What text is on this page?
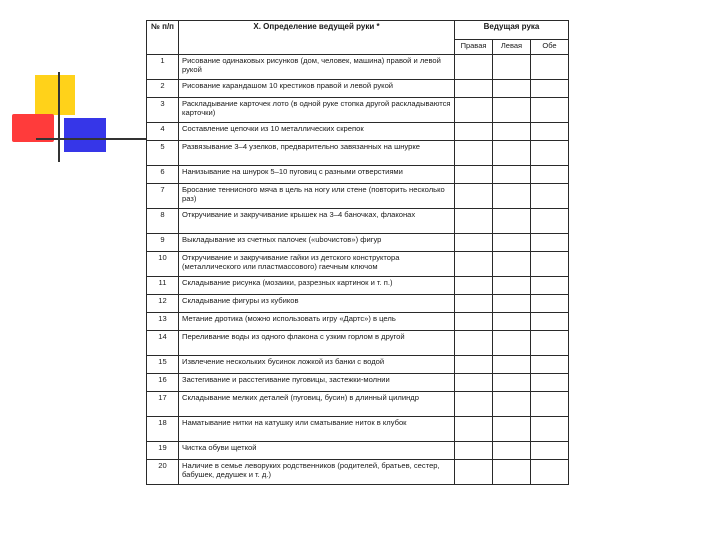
№ п/п	X. Определение ведущей руки *	Ведущая рука		
		Правая	Левая	Обе
1	Рисование одинаковых рисунков (дом, человек, машина) правой и левой рукой			
2	Рисование карандашом 10 крестиков правой и левой рукой			
3	Раскладывание карточек лото (в одной руке стопка другой раскладываются карточки)			
4	Составление цепочки из 10 металлических скрепок			
5	Развязывание 3–4 узелков, предварительно завязанных на шнурке			
6	Нанизывание на шнурок 5–10 пуговиц с разными отверстиями			
7	Бросание теннисного мяча в цель на ногу или стене (повторить несколько раз)			
8	Откручивание и закручивание крышек на 3–4 баночках, флаконах			
9	Выкладывание из счетных палочек («ubочистов») фигур			
10	Откручивание и закручивание гайки из детского конструктора (металлического или пластмассового) гаечным ключом			
11	Складывание рисунка (мозаики, разрезных картинок и т. п.)			
12	Складывание фигуры из кубиков			
13	Метание дротика (можно использовать игру «Дартс») в цель			
14	Переливание воды из одного флакона с узким горлом в другой			
15	Извлечение нескольких бусинок ложкой из банки с водой			
16	Застегивание и расстегивание пуговицы, застежки-молнии			
17	Складывание мелких деталей (пуговиц, бусин) в длинный цилиндр			
18	Наматывание нитки на катушку или сматывание ниток в клубок			
19	Чистка обуви щеткой			
20	Наличие в семье леворуких родственников (родителей, братьев, сестер, бабушек, дедушек и т. д.)			
